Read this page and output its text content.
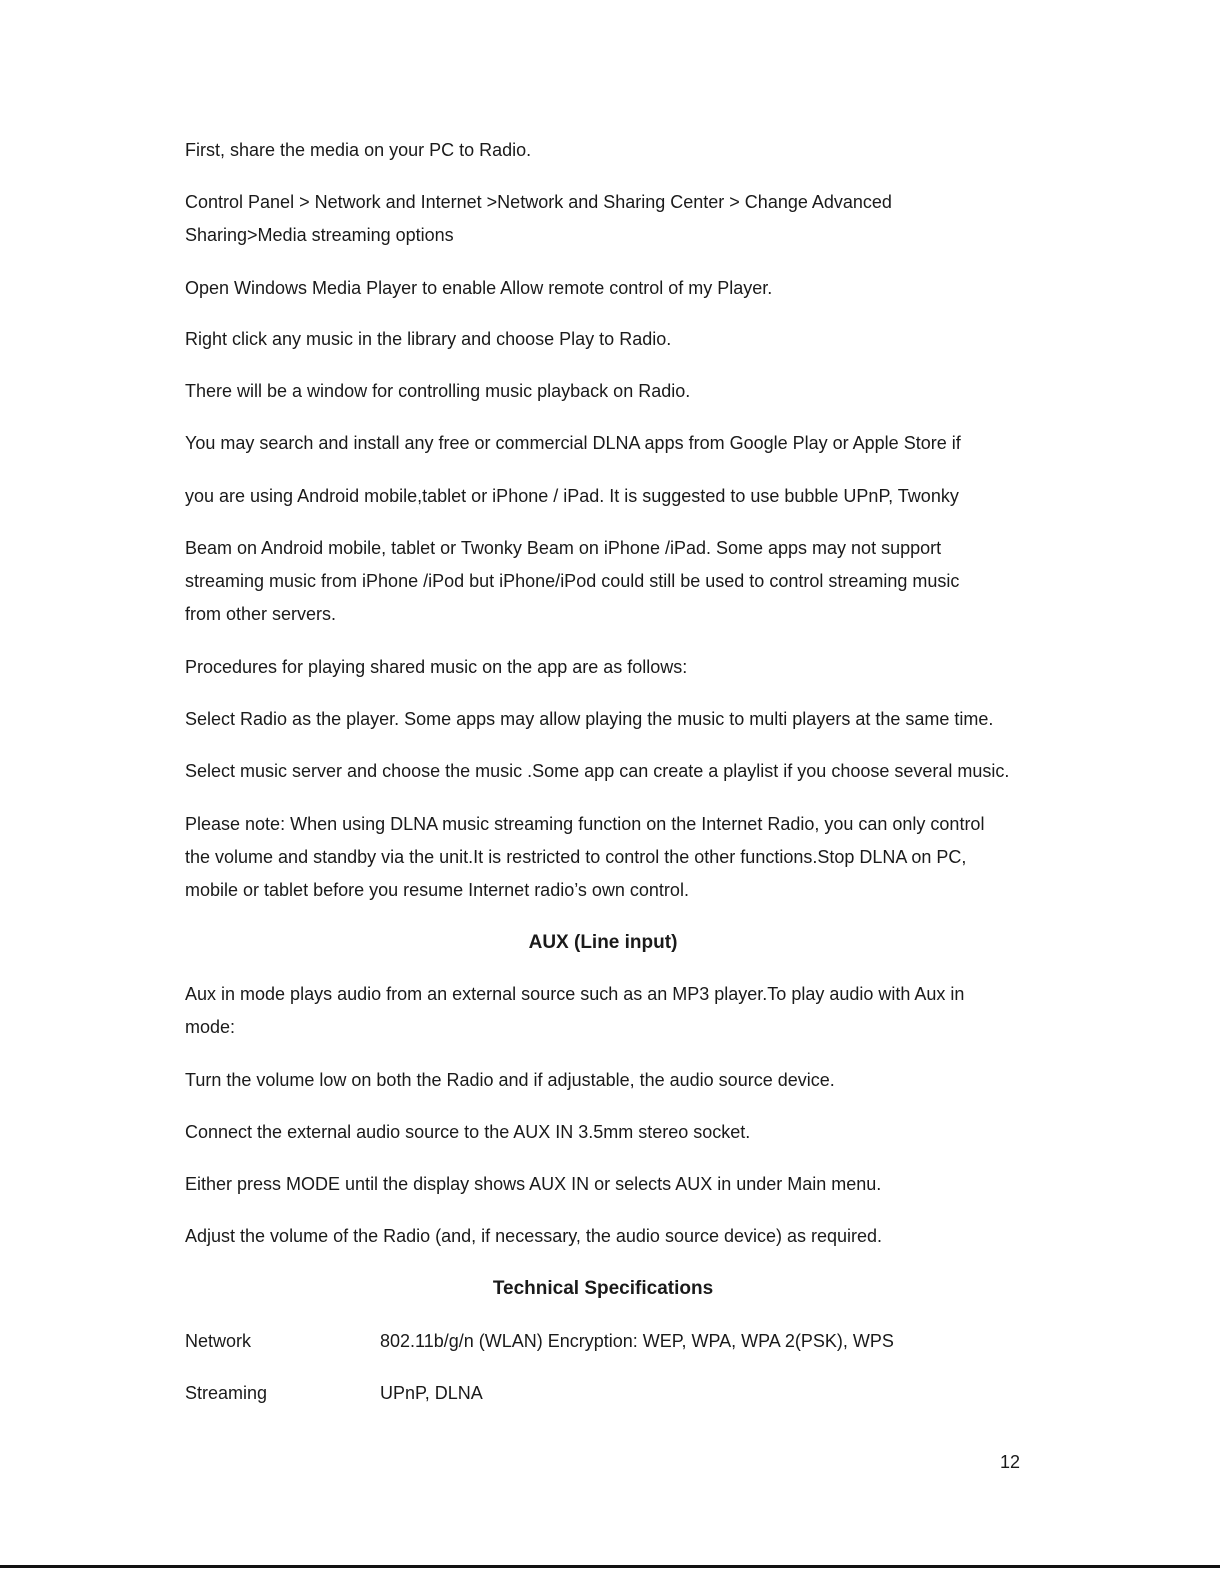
First, share the media on your PC to Radio.
Control Panel > Network and Internet >Network and Sharing Center > Change Advanced
Sharing>Media streaming options
Open Windows Media Player to enable Allow remote control of my Player.
Right click any music in the library and choose Play to Radio.
There will be a window for controlling music playback on Radio.
You may search and install any free or commercial DLNA apps from Google Play or Apple Store if
you are using Android mobile,tablet or iPhone / iPad. It is suggested to use bubble UPnP, Twonky
Beam on Android mobile, tablet or Twonky Beam on iPhone /iPad. Some apps may not support
streaming music from iPhone /iPod but iPhone/iPod could still be used to control streaming music
from other servers.
Procedures for playing shared music on the app are as follows:
Select Radio as the player. Some apps may allow playing the music to multi players at the same time.
Select music server and choose the music .Some app can create a playlist if you choose several music.
Please note: When using DLNA music streaming function on the Internet Radio, you can only control
the volume and standby via the unit.It is restricted to control the other functions.Stop DLNA on PC,
mobile or tablet before you resume Internet radio’s own control.
AUX (Line input)
Aux in mode plays audio from an external source such as an MP3 player.To play audio with Aux in
mode:
Turn the volume low on both the Radio and if adjustable, the audio source device.
Connect the external audio source to the AUX IN 3.5mm stereo socket.
Either press MODE until the display shows AUX IN or selects AUX in under Main menu.
Adjust the volume of the Radio (and, if necessary, the audio source device) as required.
Technical Specifications
Network	802.11b/g/n (WLAN) Encryption: WEP, WPA, WPA 2(PSK), WPS
Streaming	UPnP, DLNA
12
